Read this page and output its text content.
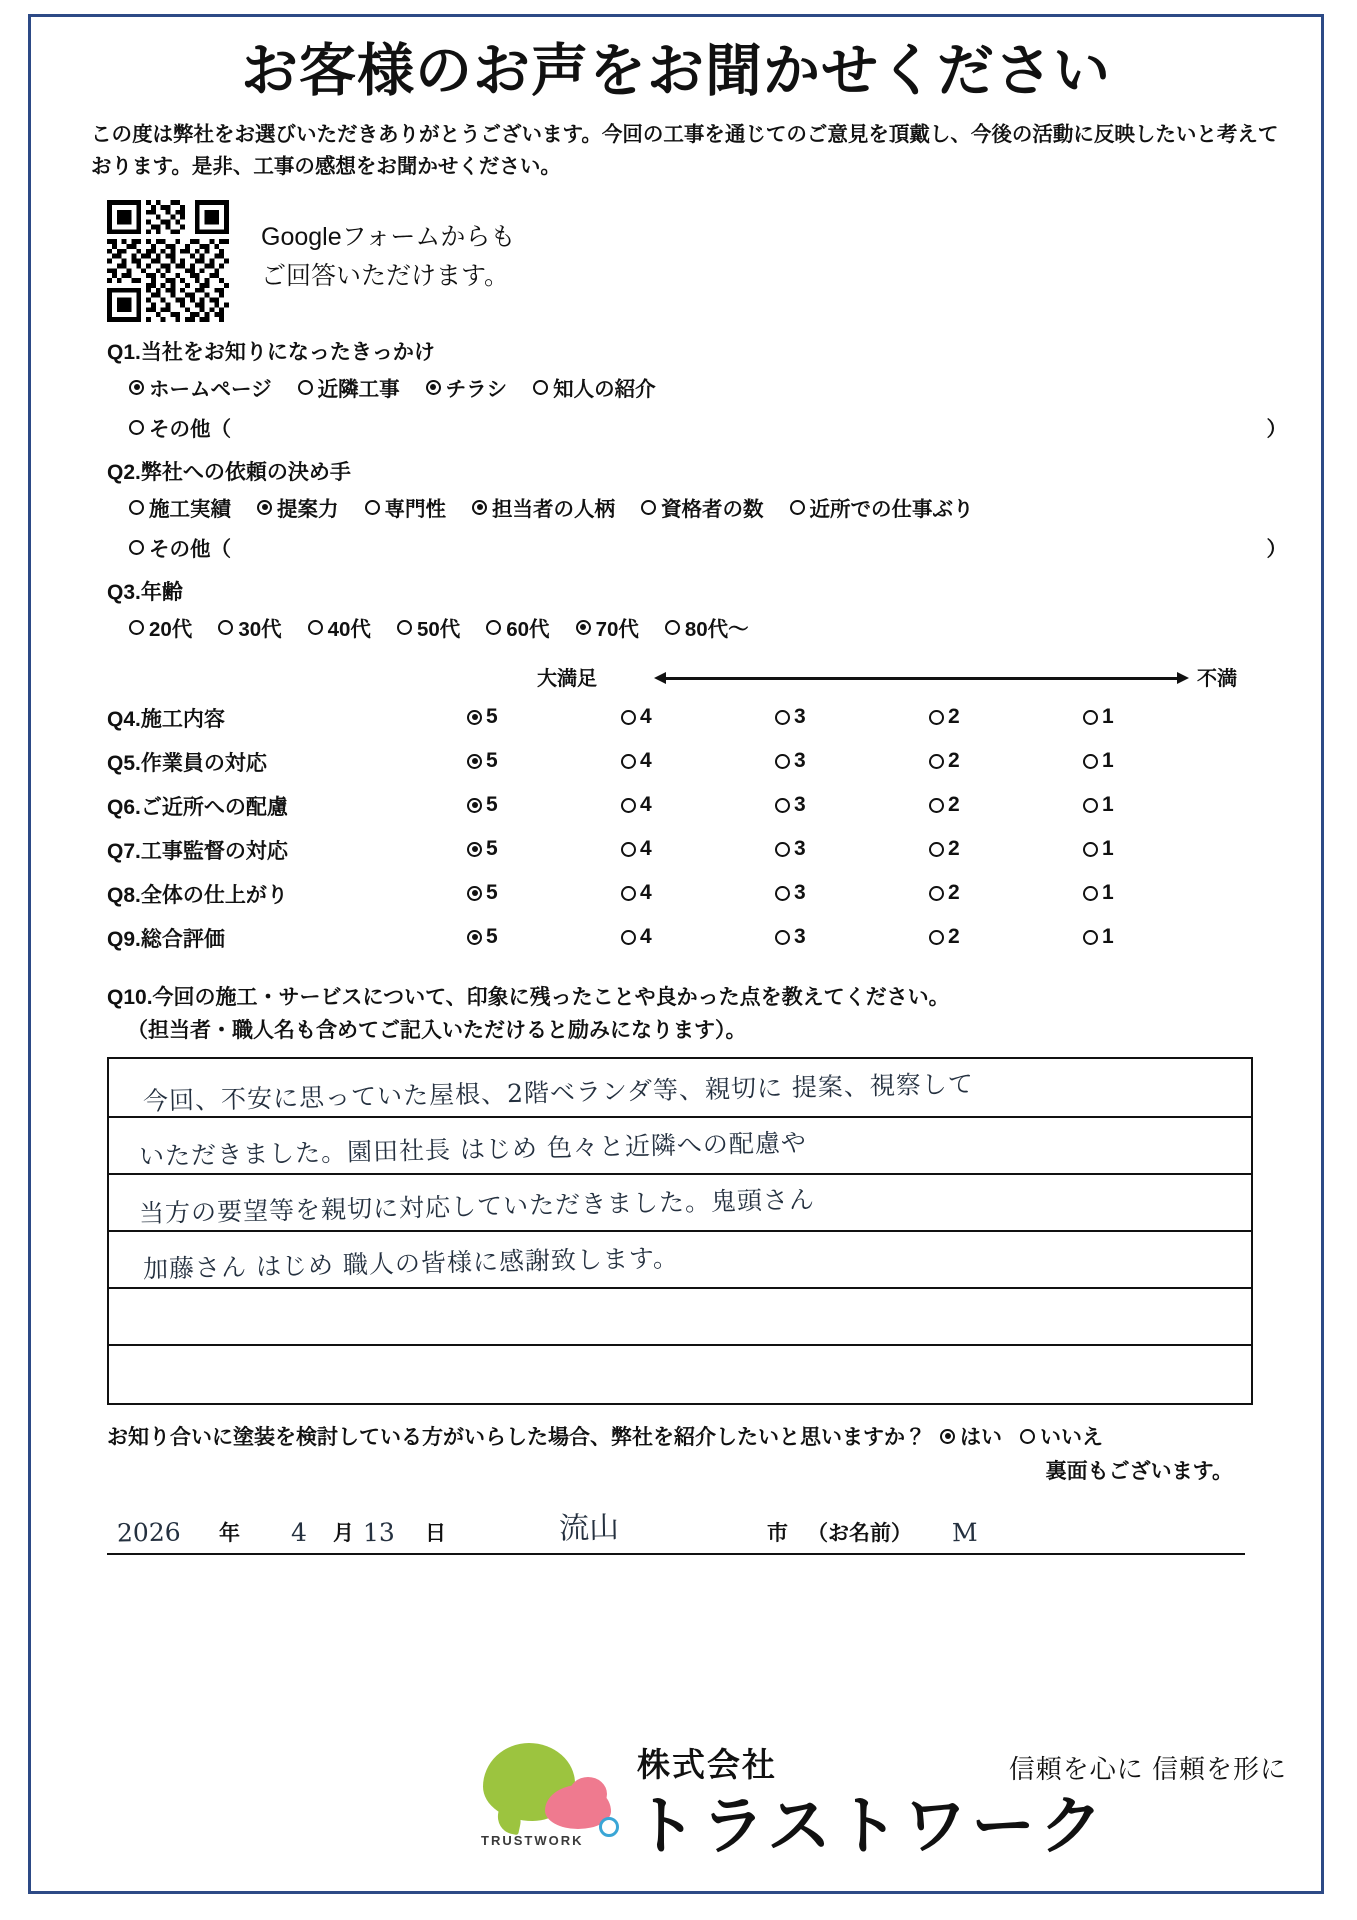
お客様のお声をお聞かせください
この度は弊社をお選びいただきありがとうございます。今回の工事を通じてのご意見を頂戴し、今後の活動に反映したいと考えております。是非、工事の感想をお聞かせください。
Googleフォームからも
ご回答いただけます。
Q1.当社をお知りになったきっかけ
ホームページ 近隣工事 チラシ 知人の紹介
その他（	）
Q2.弊社への依頼の決め手
施工実績 提案力 専門性 担当者の人柄 資格者の数 近所での仕事ぶり
その他（	）
Q3.年齢
20代 30代 40代 50代 60代 70代 80代〜
大満足	不満
Q4.施工内容	5	4	3	2	1

Q5.作業員の対応	5	4	3	2	1

Q6.ご近所への配慮	5	4	3	2	1

Q7.工事監督の対応	5	4	3	2	1

Q8.全体の仕上がり	5	4	3	2	1

Q9.総合評価	5	4	3	2	1
Q10.今回の施工・サービスについて、印象に残ったことや良かった点を教えてください。
（担当者・職人名も含めてご記入いただけると励みになります）。
今回、不安に思っていた屋根、2階ベランダ等、親切に 提案、視察して
いただきました。園田社長 はじめ 色々と近隣への配慮や
当方の要望等を親切に対応していただきました。鬼頭さん
加藤さん はじめ 職人の皆様に感謝致します。
お知り合いに塗装を検討している方がいらした場合、弊社を紹介したいと思いますか？ はい いいえ
裏面もございます。
2026 年 4 月 13 日	流山	市 （お名前） M
TRUSTWORK
株式会社
トラストワーク
信頼を心に 信頼を形に
